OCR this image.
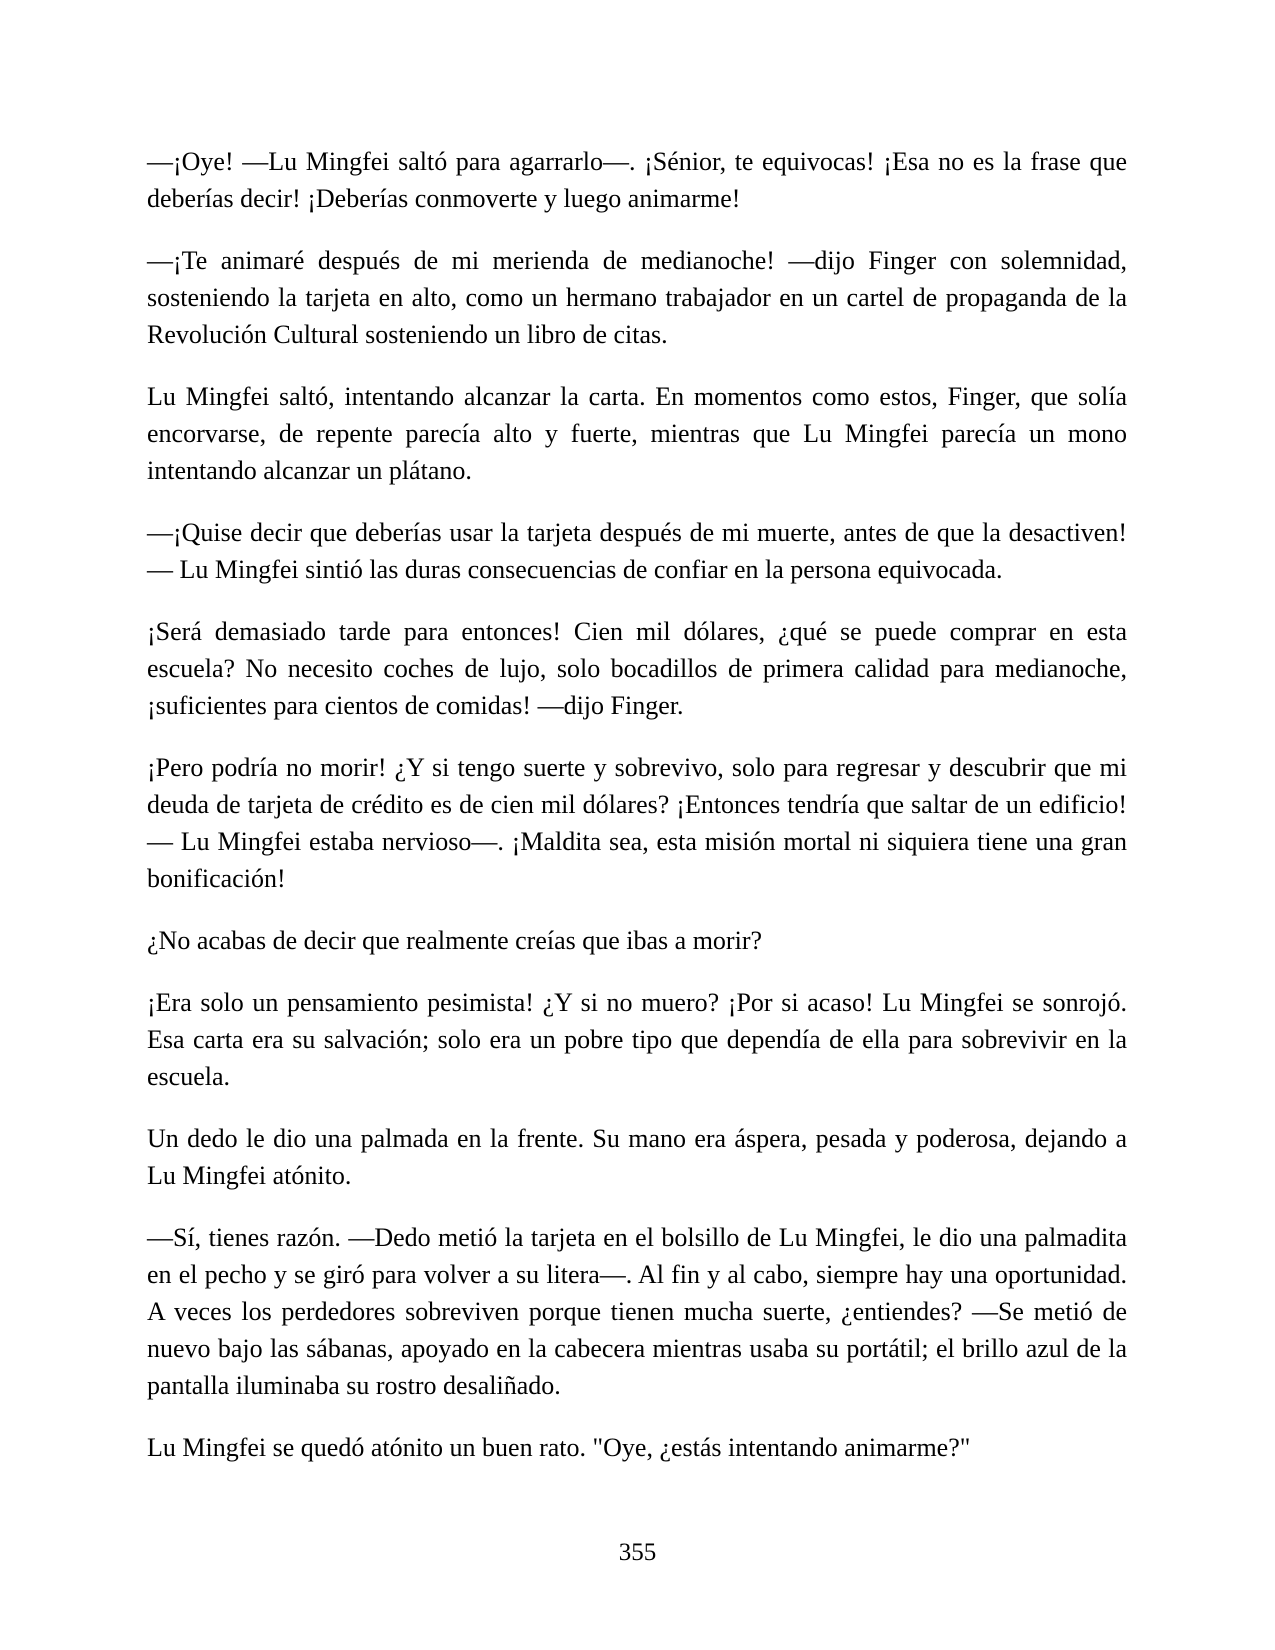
—¡Oye! —Lu Mingfei saltó para agarrarlo—. ¡Sénior, te equivocas! ¡Esa no es la frase que deberías decir! ¡Deberías conmoverte y luego animarme!

—¡Te animaré después de mi merienda de medianoche! —dijo Finger con solemnidad, sosteniendo la tarjeta en alto, como un hermano trabajador en un cartel de propaganda de la Revolución Cultural sosteniendo un libro de citas.

Lu Mingfei saltó, intentando alcanzar la carta. En momentos como estos, Finger, que solía encorvarse, de repente parecía alto y fuerte, mientras que Lu Mingfei parecía un mono intentando alcanzar un plátano.

—¡Quise decir que deberías usar la tarjeta después de mi muerte, antes de que la desactiven! — Lu Mingfei sintió las duras consecuencias de confiar en la persona equivocada.

¡Será demasiado tarde para entonces! Cien mil dólares, ¿qué se puede comprar en esta escuela? No necesito coches de lujo, solo bocadillos de primera calidad para medianoche, ¡suficientes para cientos de comidas! —dijo Finger.

¡Pero podría no morir! ¿Y si tengo suerte y sobrevivo, solo para regresar y descubrir que mi deuda de tarjeta de crédito es de cien mil dólares? ¡Entonces tendría que saltar de un edificio! — Lu Mingfei estaba nervioso—. ¡Maldita sea, esta misión mortal ni siquiera tiene una gran bonificación!

¿No acabas de decir que realmente creías que ibas a morir?

¡Era solo un pensamiento pesimista! ¿Y si no muero? ¡Por si acaso! Lu Mingfei se sonrojó. Esa carta era su salvación; solo era un pobre tipo que dependía de ella para sobrevivir en la escuela.

Un dedo le dio una palmada en la frente. Su mano era áspera, pesada y poderosa, dejando a Lu Mingfei atónito.

—Sí, tienes razón. —Dedo metió la tarjeta en el bolsillo de Lu Mingfei, le dio una palmadita en el pecho y se giró para volver a su litera—. Al fin y al cabo, siempre hay una oportunidad. A veces los perdedores sobreviven porque tienen mucha suerte, ¿entiendes? —Se metió de nuevo bajo las sábanas, apoyado en la cabecera mientras usaba su portátil; el brillo azul de la pantalla iluminaba su rostro desaliñado.

Lu Mingfei se quedó atónito un buen rato. "Oye, ¿estás intentando animarme?"

355
